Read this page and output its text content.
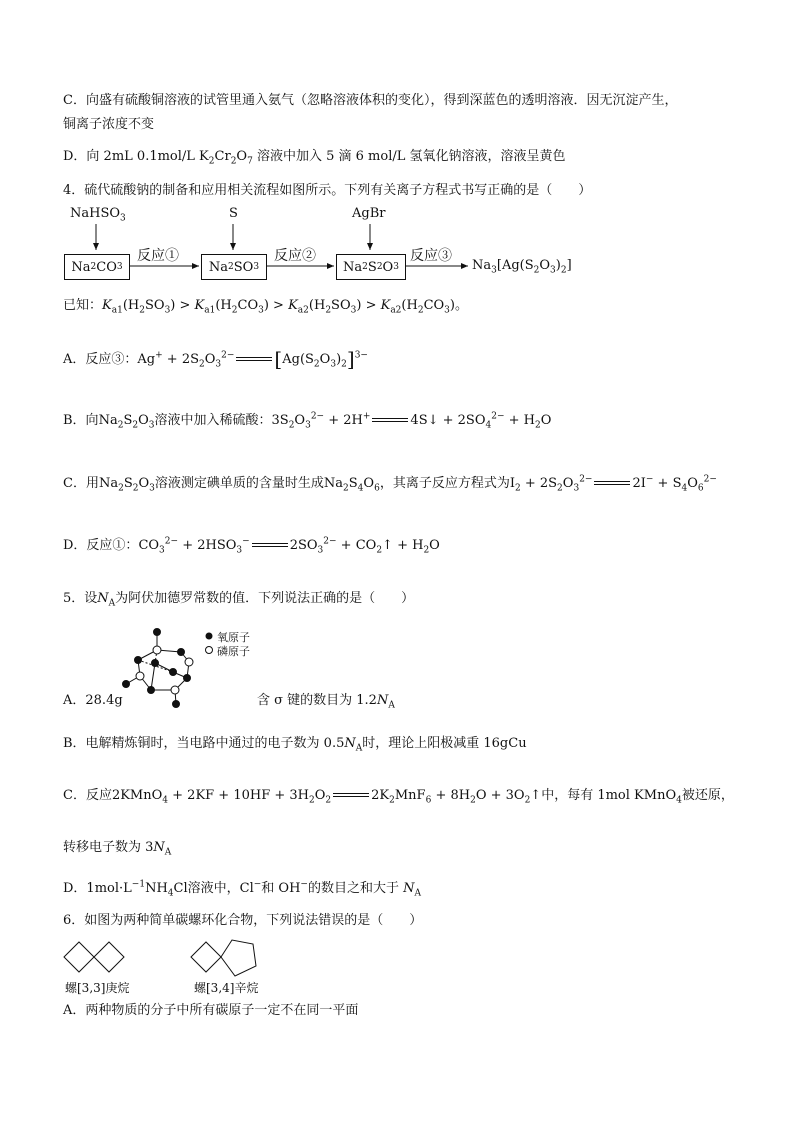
C．向盛有硫酸铜溶液的试管里通入氨气（忽略溶液体积的变化），得到深蓝色的透明溶液．因无沉淀产生，
铜离子浓度不变
D．向 2mL 0.1mol/L $K_2Cr_2O_7$ 溶液中加入 5 滴 6 mol/L 氢氧化钠溶液，溶液呈黄色
4．硫代硫酸钠的制备和应用相关流程如图所示。下列有关离子方程式书写正确的是（　　）
NaHSO$_3$	S	AgBr
Na 2 CO 3	Na 2 SO 3	Na 2 S 2 O 3
反应①	反应②	反应③
$Na_3[Ag(S_2O_3)_2]$
已知：$K_{a1}(H_2SO_3) > K_{a1}(H_2CO_3) > K_{a2}(H_2SO_3) > K_{a2}(H_2CO_3)$。
A．反应③：$Ag^+ + 2S_2O_3^{2-}$ $[Ag(S_2O_3)_2]^{3-}$
B．向$Na_2S_2O_3$溶液中加入稀硫酸：$3S_2O_3^{2-} + 2H^+$	4S↓ + $2SO_4^{2-} + H_2O$
C．用$Na_2S_2O_3$溶液测定碘单质的含量时生成$Na_2S_4O_6$，其离子反应方程式为$I_2 + 2S_2O_3^{2-}$	$2I^- + S_4O_6^{2-}$
D．反应①：$CO_3^{2-} + 2HSO_3^-$	$2SO_3^{2-}$ + $CO_2↑ + H_2O$
5．设$N_A$为阿伏加德罗常数的值．下列说法正确的是（　　）
氧原子
磷原子
A．28.4g	含 σ 键的数目为 $1.2N_A$
B．电解精炼铜时，当电路中通过的电子数为 $0.5N_A$时，理论上阳极减重 16gCu
C．反应2KMnO$_4$ + $2KF + 10HF + 3H_2O_2$	$2K_2MnF_6 + 8H_2O$ + $3O_2↑$中，每有 1mol KMnO$_4$被还原，
转移电子数为 $3N_A$
D．$1mol\cdot L^{-1}NH_4Cl$溶液中，Cl−和 OH−的数目之和大于 $N_A$
6．如图为两种简单碳螺环化合物，下列说法错误的是（　　）
螺[3,3]庚烷	螺[3,4]辛烷
A．两种物质的分子中所有碳原子一定不在同一平面
